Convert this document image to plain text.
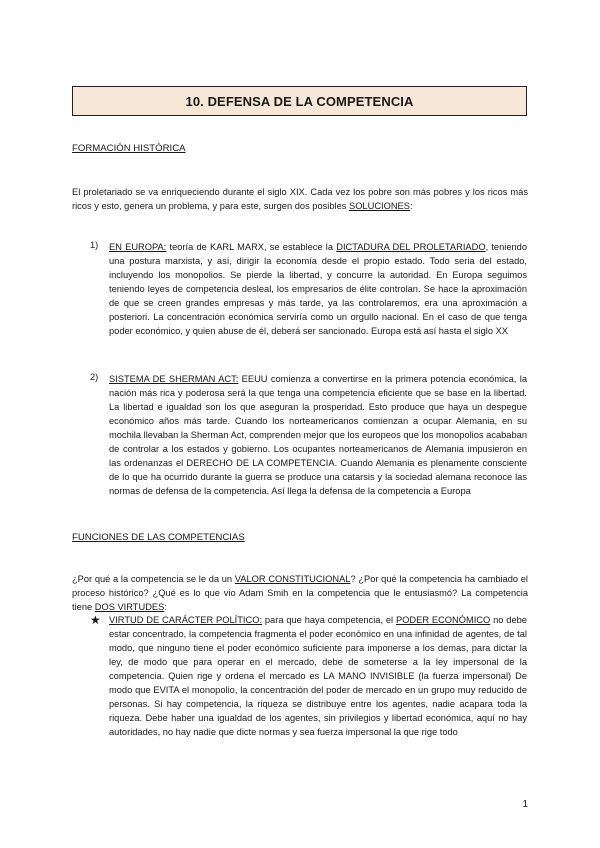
10. DEFENSA DE LA COMPETENCIA
FORMACIÓN HISTÓRICA
El proletariado se va enriqueciendo durante el siglo XIX. Cada vez los pobre son más pobres y los ricos más ricos y esto, genera un problema, y para este, surgen dos posibles SOLUCIONES:
1) EN EUROPA: teoría de KARL MARX, se establece la DICTADURA DEL PROLETARIADO, teniendo una postura marxista, y así, dirigir la economía desde el propio estado. Todo seria del estado, incluyendo los monopolios. Se pierde la libertad, y concurre la autoridad. En Europa seguimos teniendo leyes de competencia desleal, los empresarios de élite controlan. Se hace la aproximación de que se creen grandes empresas y más tarde, ya las controlaremos, era una aproximación a posteriori. La concentración económica serviría como un orgullo nacional. En el caso de que tenga poder económico, y quien abuse de él, deberá ser sancionado. Europa está así hasta el siglo XX
2) SISTEMA DE SHERMAN ACT: EEUU comienza a convertirse en la primera potencia económica, la nación más rica y poderosa será la que tenga una competencia eficiente que se base en la libertad. La libertad e igualdad son los que aseguran la prosperidad. Esto produce que haya un despegue económico años más tarde. Cuando los norteamericanos comienzan a ocupar Alemania, en su mochila llevaban la Sherman Act, comprenden mejor que los europeos que los monopolios acababan de controlar a los estados y gobierno. Los ocupantes norteamericanos de Alemania impusieron en las ordenanzas el DERECHO DE LA COMPETENCIA. Cuando Alemania es plenamente consciente de lo que ha ocurrido durante la guerra se produce una catarsis y la sociedad alemana reconoce las normas de defensa de la competencia. Así llega la defensa de la competencia a Europa
FUNCIONES DE LAS COMPETENCIAS
¿Por qué a la competencia se le da un VALOR CONSTITUCIONAL? ¿Por qué la competencia ha cambiado el proceso histórico? ¿Qué es lo que vio Adam Smih en la competencia que le entusiasmó? La competencia tiene DOS VIRTUDES:
★ VIRTUD DE CARÁCTER POLÍTICO: para que haya competencia, el PODER ECONÓMICO no debe estar concentrado, la competencia fragmenta el poder económico en una infinidad de agentes, de tal modo, que ninguno tiene el poder económico suficiente para imponerse a los demas, para dictar la ley, de modo que para operar en el mercado, debe de someterse a la ley impersonal de la competencia. Quien rige y ordena el mercado es LA MANO INVISIBLE (la fuerza impersonal) De modo que EVITA el monopolio, la concentración del poder de mercado en un grupo muy reducido de personas. Si hay competencia, la riqueza se distribuye entre los agentes, nadie acapara toda la riqueza. Debe haber una igualdad de los agentes, sin privilegios y libertad económica, aquí no hay autoridades, no hay nadie que dicte normas y sea fuerza impersonal la que rige todo
1
